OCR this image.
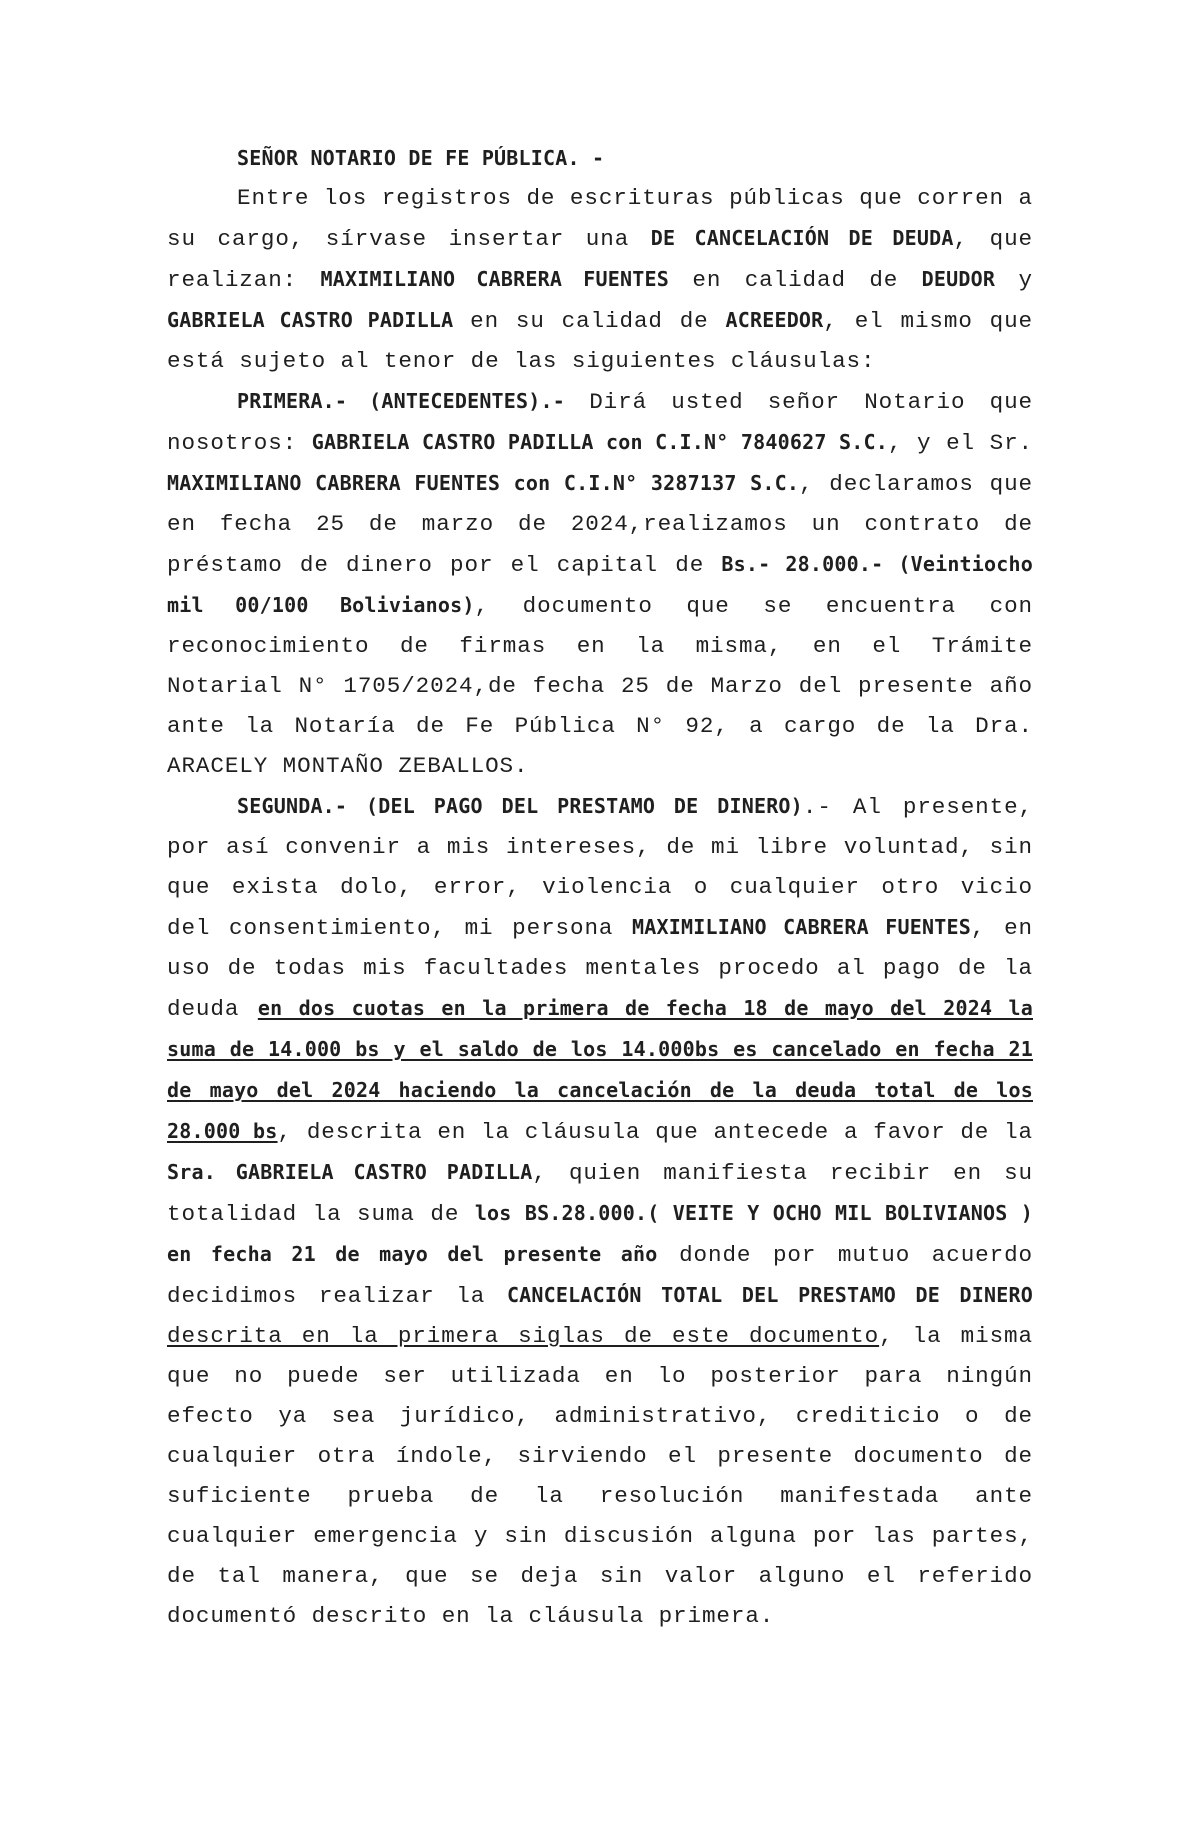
SEÑOR NOTARIO DE FE PÚBLICA. -

Entre los registros de escrituras públicas que corren a su cargo, sírvase insertar una DE CANCELACIÓN DE DEUDA, que realizan: MAXIMILIANO CABRERA FUENTES en calidad de DEUDOR y GABRIELA CASTRO PADILLA en su calidad de ACREEDOR, el mismo que está sujeto al tenor de las siguientes cláusulas:

PRIMERA.- (ANTECEDENTES).- Dirá usted señor Notario que nosotros: GABRIELA CASTRO PADILLA con C.I.N° 7840627 S.C., y el Sr. MAXIMILIANO CABRERA FUENTES con C.I.N° 3287137 S.C., declaramos que en fecha 25 de marzo de 2024,realizamos un contrato de préstamo de dinero por el capital de Bs.- 28.000.- (Veintiocho mil 00/100 Bolivianos), documento que se encuentra con reconocimiento de firmas en la misma, en el Trámite Notarial N° 1705/2024,de fecha 25 de Marzo del presente año ante la Notaría de Fe Pública N° 92, a cargo de la Dra. ARACELY MONTAÑO ZEBALLOS.

SEGUNDA.- (DEL PAGO DEL PRESTAMO DE DINERO).- Al presente, por así convenir a mis intereses, de mi libre voluntad, sin que exista dolo, error, violencia o cualquier otro vicio del consentimiento, mi persona MAXIMILIANO CABRERA FUENTES, en uso de todas mis facultades mentales procedo al pago de la deuda en dos cuotas en la primera de fecha 18 de mayo del 2024 la suma de 14.000 bs y el saldo de los 14.000bs es cancelado en fecha 21 de mayo del 2024 haciendo la cancelación de la deuda total de los 28.000 bs, descrita en la cláusula que antecede a favor de la Sra. GABRIELA CASTRO PADILLA, quien manifiesta recibir en su totalidad la suma de los BS.28.000.( VEITE Y OCHO MIL BOLIVIANOS ) en fecha 21 de mayo del presente año donde por mutuo acuerdo decidimos realizar la CANCELACIÓN TOTAL DEL PRESTAMO DE DINERO descrita en la primera siglas de este documento, la misma que no puede ser utilizada en lo posterior para ningún efecto ya sea jurídico, administrativo, crediticio o de cualquier otra índole, sirviendo el presente documento de suficiente prueba de la resolución manifestada ante cualquier emergencia y sin discusión alguna por las partes, de tal manera, que se deja sin valor alguno el referido documentó descrito en la cláusula primera.
